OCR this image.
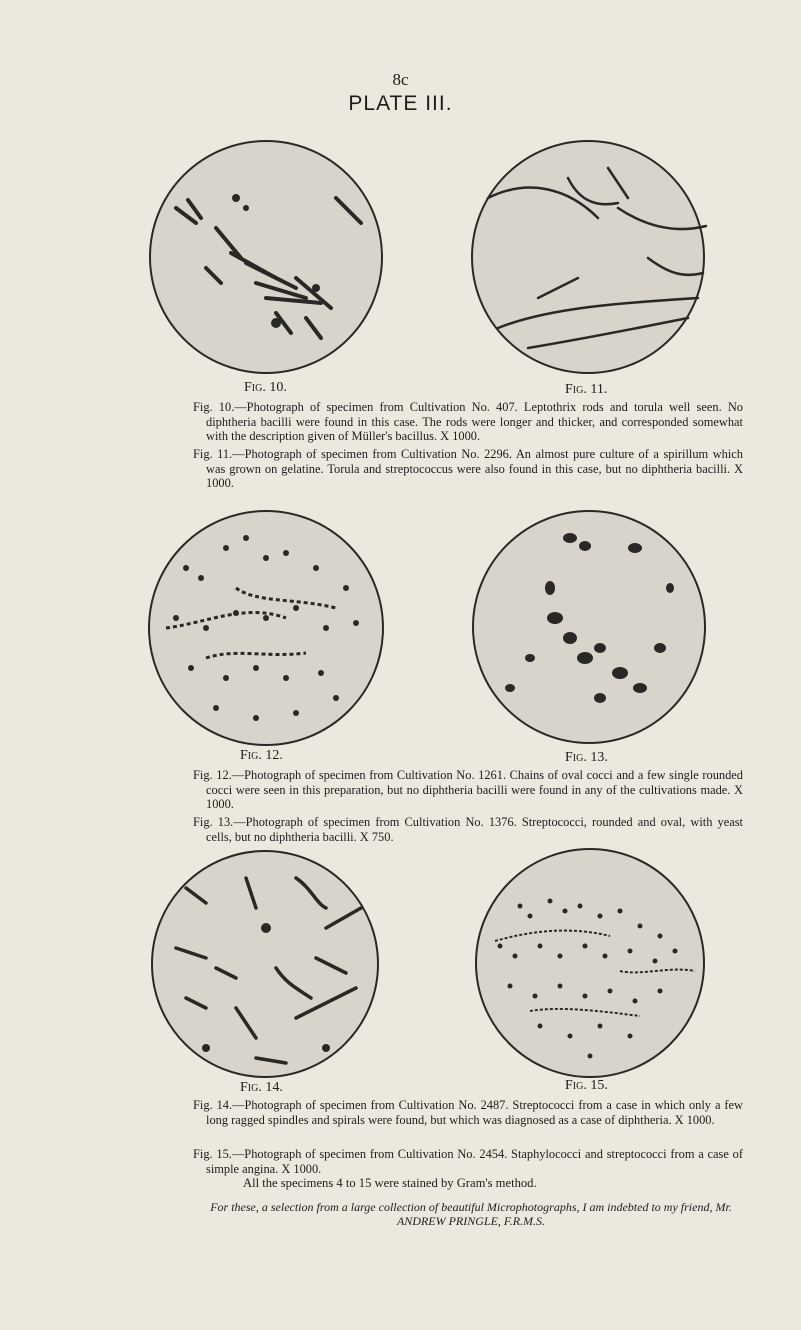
8c
PLATE III.
Fig. 10.	Fig. 11.
Fig. 10.—Photograph of specimen from Cultivation No. 407. Leptothrix rods and torula well seen. No diphtheria bacilli were found in this case. The rods were longer and thicker, and corresponded somewhat with the description given of Müller's bacillus. X 1000.
Fig. 11.—Photograph of specimen from Cultivation No. 2296. An almost pure culture of a spirillum which was grown on gelatine. Torula and streptococcus were also found in this case, but no diphtheria bacilli. X 1000.
Fig. 12.	Fig. 13.
Fig. 12.—Photograph of specimen from Cultivation No. 1261. Chains of oval cocci and a few single rounded cocci were seen in this preparation, but no diphtheria bacilli were found in any of the cultivations made. X 1000.
Fig. 13.—Photograph of specimen from Cultivation No. 1376. Streptococci, rounded and oval, with yeast cells, but no diphtheria bacilli. X 750.
Fig. 14.	Fig. 15.
Fig. 14.—Photograph of specimen from Cultivation No. 2487. Streptococci from a case in which only a few long ragged spindles and spirals were found, but which was diagnosed as a case of diphtheria. X 1000.
Fig. 15.—Photograph of specimen from Cultivation No. 2454. Staphylococci and streptococci from a case of simple angina. X 1000.
All the specimens 4 to 15 were stained by Gram's method.
For these, a selection from a large collection of beautiful Microphotographs, I am indebted to my friend, Mr. ANDREW PRINGLE, F.R.M.S.
